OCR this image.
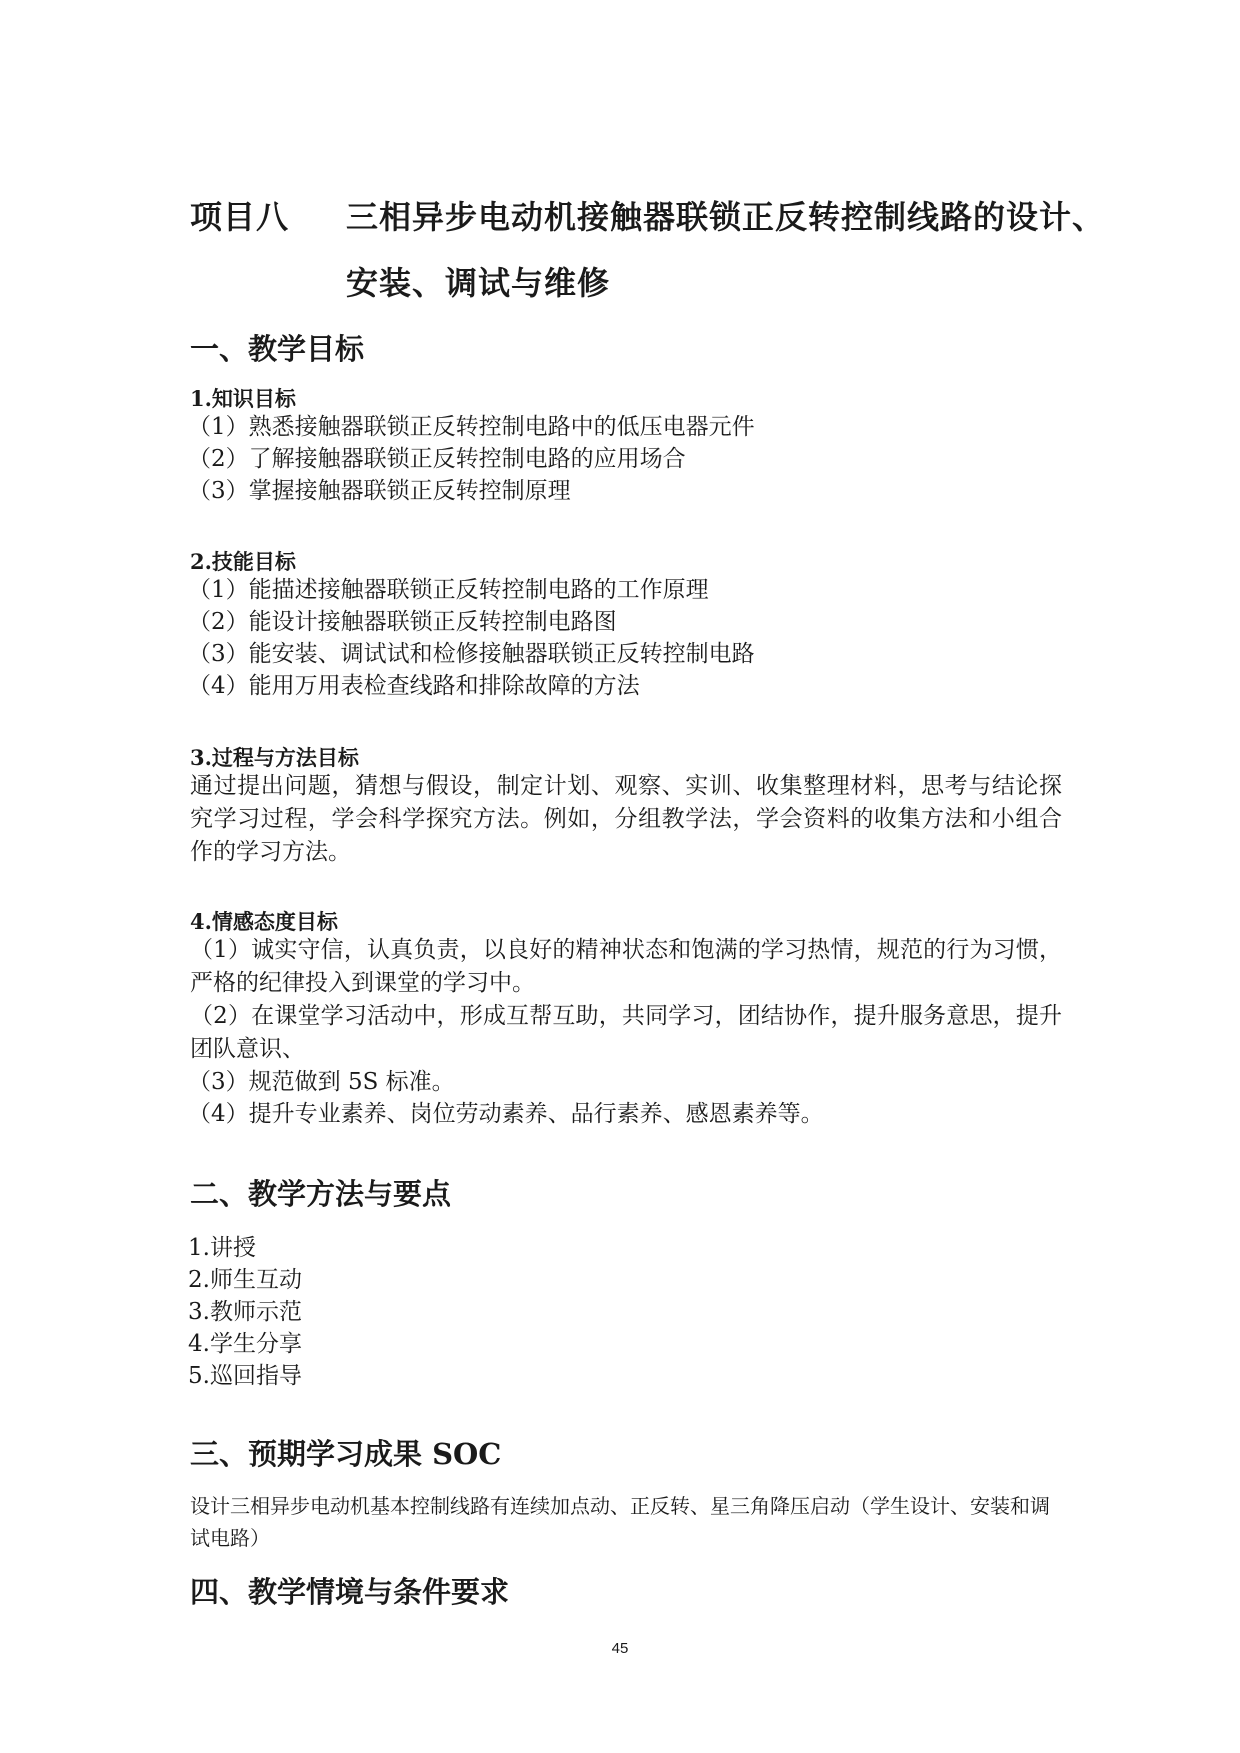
项目八 三相异步电动机接触器联锁正反转控制线路的设计、
安装、调试与维修
一、教学目标
1.知识目标
（1）熟悉接触器联锁正反转控制电路中的低压电器元件
（2）了解接触器联锁正反转控制电路的应用场合
（3）掌握接触器联锁正反转控制原理
2.技能目标
（1）能描述接触器联锁正反转控制电路的工作原理
（2）能设计接触器联锁正反转控制电路图
（3）能安装、调试试和检修接触器联锁正反转控制电路
（4）能用万用表检查线路和排除故障的方法
3.过程与方法目标
通过提出问题，猜想与假设，制定计划、观察、实训、收集整理材料，思考与结论探究学习过程，学会科学探究方法。例如，分组教学法，学会资料的收集方法和小组合作的学习方法。
4.情感态度目标
（1）诚实守信，认真负责，以良好的精神状态和饱满的学习热情，规范的行为习惯，严格的纪律投入到课堂的学习中。
（2）在课堂学习活动中，形成互帮互助，共同学习，团结协作，提升服务意思，提升团队意识、
（3）规范做到 5S 标准。
（4）提升专业素养、岗位劳动素养、品行素养、感恩素养等。
二、教学方法与要点
1.讲授
2.师生互动
3.教师示范
4.学生分享
5.巡回指导
三、预期学习成果 SOC
设计三相异步电动机基本控制线路有连续加点动、正反转、星三角降压启动（学生设计、安装和调试电路）
四、教学情境与条件要求
45
